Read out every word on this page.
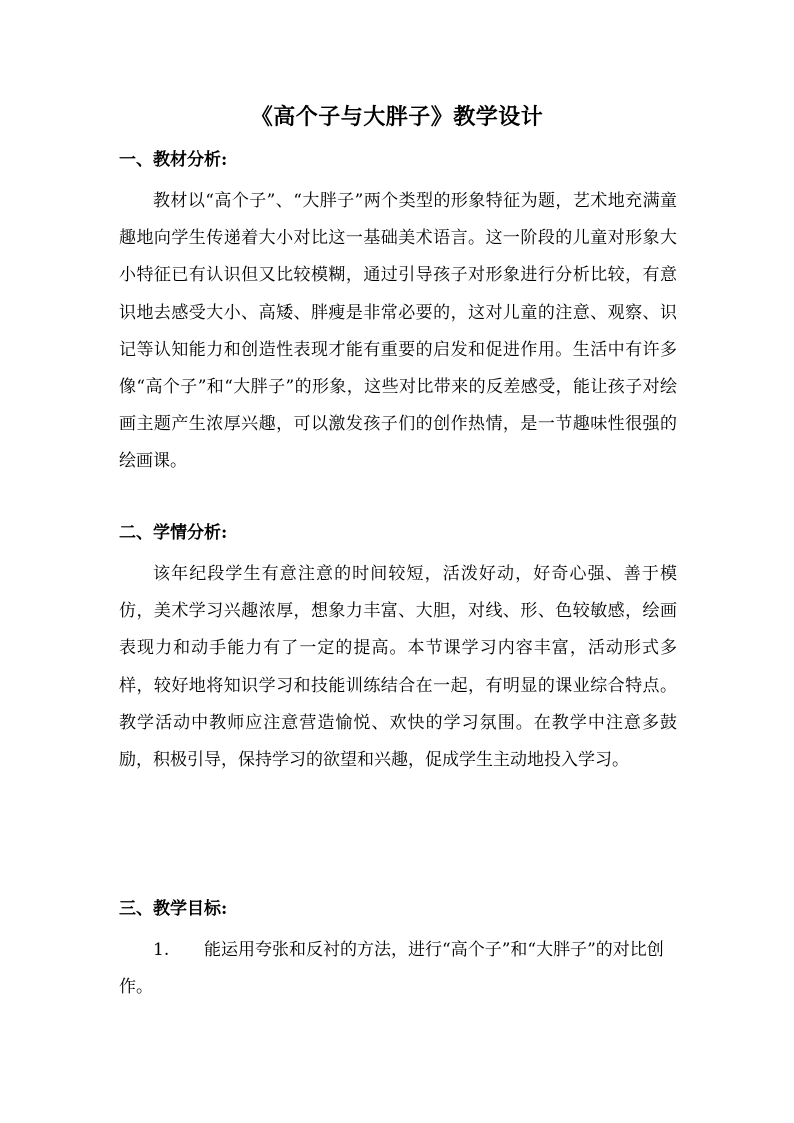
《高个子与大胖子》教学设计
一、教材分析:

教材以“高个子”、“大胖子”两个类型的形象特征为题，艺术地充满童趣地向学生传递着大小对比这一基础美术语言。这一阶段的儿童对形象大小特征已有认识但又比较模糊，通过引导孩子对形象进行分析比较，有意识地去感受大小、高矮、胖瘦是非常必要的，这对儿童的注意、观察、识记等认知能力和创造性表现才能有重要的启发和促进作用。生活中有许多像“高个子”和“大胖子”的形象，这些对比带来的反差感受，能让孩子对绘画主题产生浓厚兴趣，可以激发孩子们的创作热情，是一节趣味性很强的绘画课。

二、学情分析:

该年纪段学生有意注意的时间较短，活泼好动，好奇心强、善于模仿，美术学习兴趣浓厚，想象力丰富、大胆，对线、形、色较敏感，绘画表现力和动手能力有了一定的提高。本节课学习内容丰富，活动形式多样，较好地将知识学习和技能训练结合在一起，有明显的课业综合特点。教学活动中教师应注意营造愉悦、欢快的学习氛围。在教学中注意多鼓励，积极引导，保持学习的欲望和兴趣，促成学生主动地投入学习。

三、教学目标:

1. 能运用夸张和反衬的方法，进行“高个子”和“大胖子”的对比创作。
